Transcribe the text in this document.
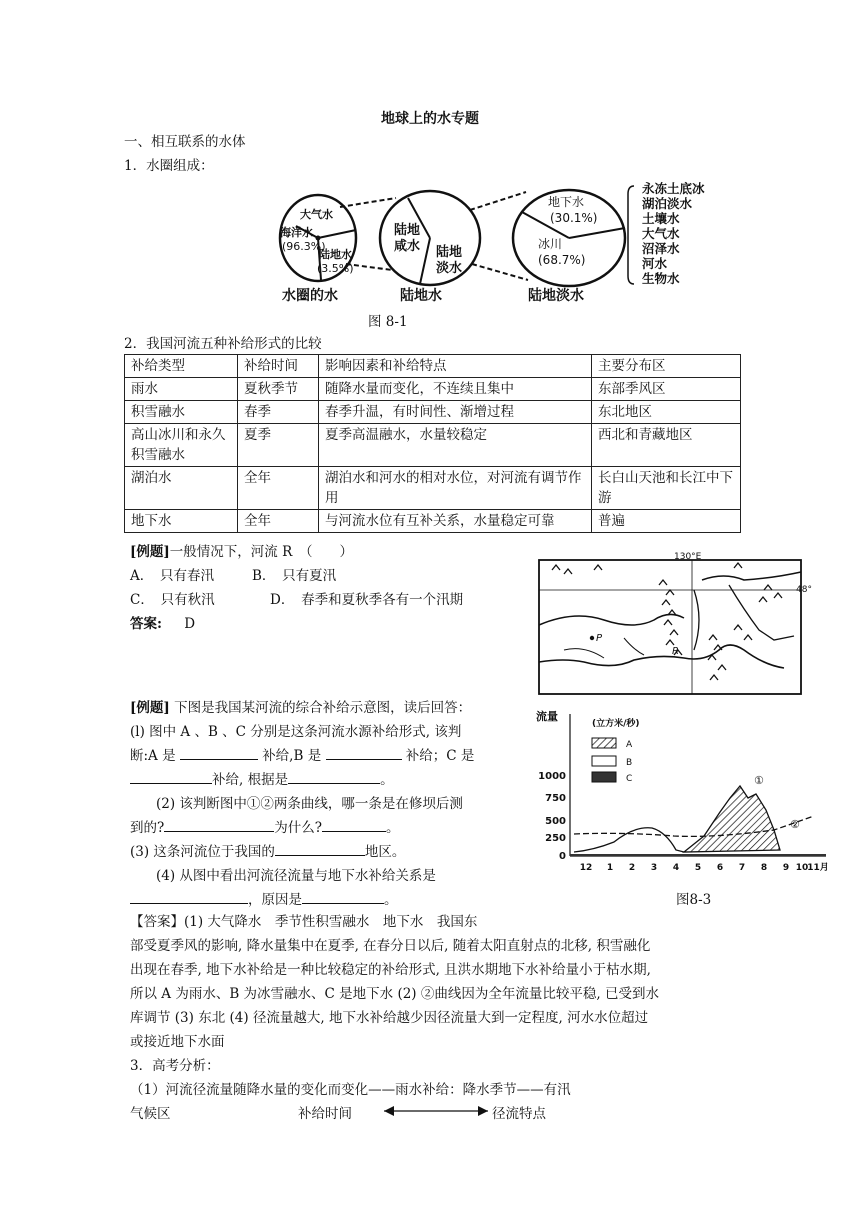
地球上的水专题
一、相互联系的水体
1．水圈组成：
大气水
海洋水
(96.3%)
陆地水
(3.5%)
陆地
咸水 陆地
淡水
地下水
(30.1%)
冰川
(68.7%)
永冻土底冰
湖泊淡水
土壤水
大气水
沼泽水
河水
生物水
水圈的水	陆地水	陆地淡水
图 8-1
2．我国河流五种补给形式的比较
补给类型	补给时间	影响因素和补给特点	主要分布区
雨水	夏秋季节	随降水量而变化，不连续且集中	东部季风区
积雪融水	春季	春季升温，有时间性、渐增过程	东北地区
高山冰川和永久积雪融水	夏季	夏季高温融水，水量较稳定	西北和青藏地区
湖泊水	全年	湖泊水和河水的相对水位，对河流有调节作用	长白山天池和长江中下游
地下水	全年	与河流水位有互补关系，水量稳定可靠	普遍
[例题]一般情况下，河流 R　（　　）
A．　只有春汛	B．　只有夏汛
C．　只有秋汛	D．　春季和夏秋季各有一个汛期
答案: D
130°E
48°
P
R
[例题] 下图是我国某河流的综合补给示意图，读后回答：
(l) 图中 A 、B 、C 分别是这条河流水源补给形式, 该判
断:A 是	补给,B 是	补给；C 是
补给, 根据是	。
(2) 该判断图中①②两条曲线，哪一条是在修坝后测
到的?	为什么?	。
(3) 这条河流位于我国的	地区。
(4) 从图中看出河流径流量与地下水补给关系是
，原因是	。
流量
(立方米/秒)
A
B
C
1000
750
500
250
0
①
②
12 1 2 3 4 5 6 7 8 9 10
11月
图8-3
【答案】(1) 大气降水　季节性积雪融水　地下水　我国东
部受夏季风的影响, 降水量集中在夏季, 在春分日以后, 随着太阳直射点的北移, 积雪融化
出现在春季, 地下水补给是一种比较稳定的补给形式, 且洪水期地下水补给量小于枯水期,
所以 A 为雨水、B 为冰雪融水、C 是地下水 (2) ②曲线因为全年流量比较平稳, 已受到水
库调节 (3) 东北 (4) 径流量越大, 地下水补给越少因径流量大到一定程度, 河水水位超过
或接近地下水面
3．高考分析：
（1）河流径流量随降水量的变化而变化——雨水补给：降水季节——有汛
气候区	补给时间	径流特点
